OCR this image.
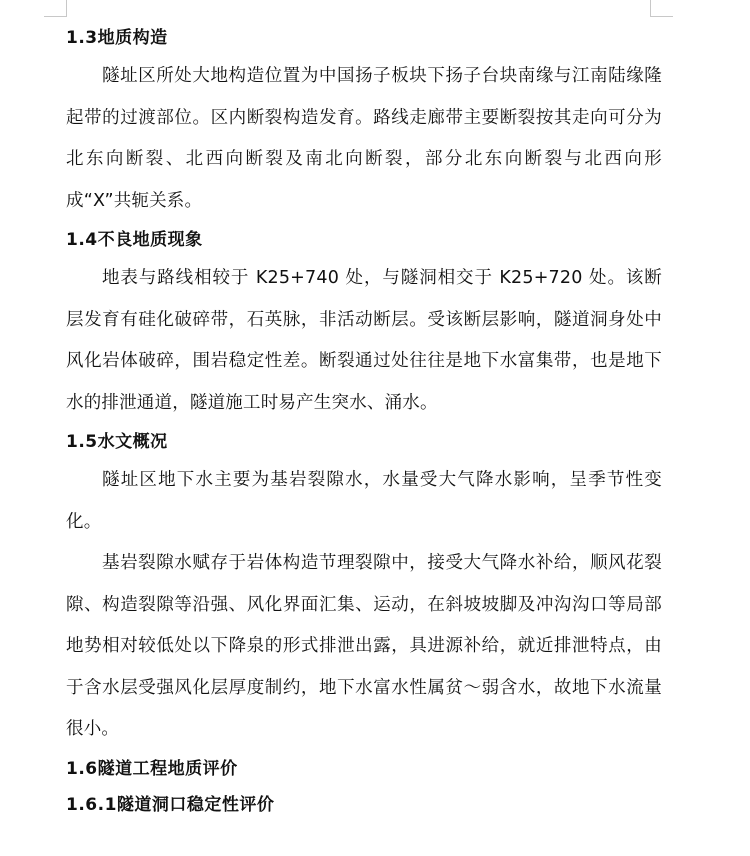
1.3地质构造

隧址区所处大地构造位置为中国扬子板块下扬子台块南缘与江南陆缘隆起带的过渡部位。区内断裂构造发育。路线走廊带主要断裂按其走向可分为北东向断裂、北西向断裂及南北向断裂，部分北东向断裂与北西向形成“X”共轭关系。

1.4不良地质现象

地表与路线相较于 K25+740 处，与隧洞相交于 K25+720 处。该断层发育有硅化破碎带，石英脉，非活动断层。受该断层影响，隧道洞身处中风化岩体破碎，围岩稳定性差。断裂通过处往往是地下水富集带，也是地下水的排泄通道，隧道施工时易产生突水、涌水。

1.5水文概况

隧址区地下水主要为基岩裂隙水，水量受大气降水影响，呈季节性变化。

基岩裂隙水赋存于岩体构造节理裂隙中，接受大气降水补给，顺风花裂隙、构造裂隙等沿强、风化界面汇集、运动，在斜坡坡脚及冲沟沟口等局部地势相对较低处以下降泉的形式排泄出露，具进源补给，就近排泄特点，由于含水层受强风化层厚度制约，地下水富水性属贫～弱含水，故地下水流量很小。

1.6隧道工程地质评价
1.6.1隧道洞口稳定性评价
